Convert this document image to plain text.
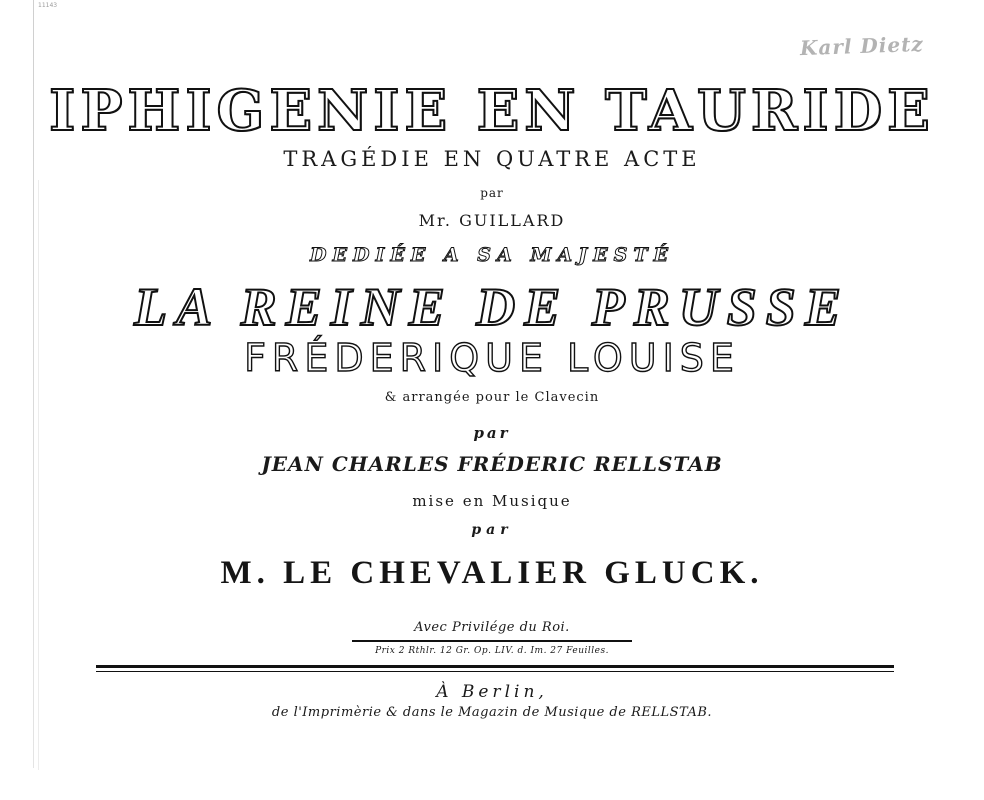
11143
Karl Dietz
IPHIGENIE EN TAURIDE
TRAGÉDIE EN QUATRE ACTE
par
Mr. GUILLARD
DEDIÉE A SA MAJESTÉ
LA REINE DE PRUSSE
FRÉDERIQUE LOUISE
& arrangée pour le Clavecin
par
JEAN CHARLES FRÉDERIC RELLSTAB
mise en Musique
par
M. LE CHEVALIER GLUCK.
Avec Privilége du Roi.
Prix 2 Rthlr. 12 Gr. Op. LIV. d. Im. 27 Feuilles.
À Berlin,
de l'Imprimèrie & dans le Magazin de Musique de RELLSTAB.
